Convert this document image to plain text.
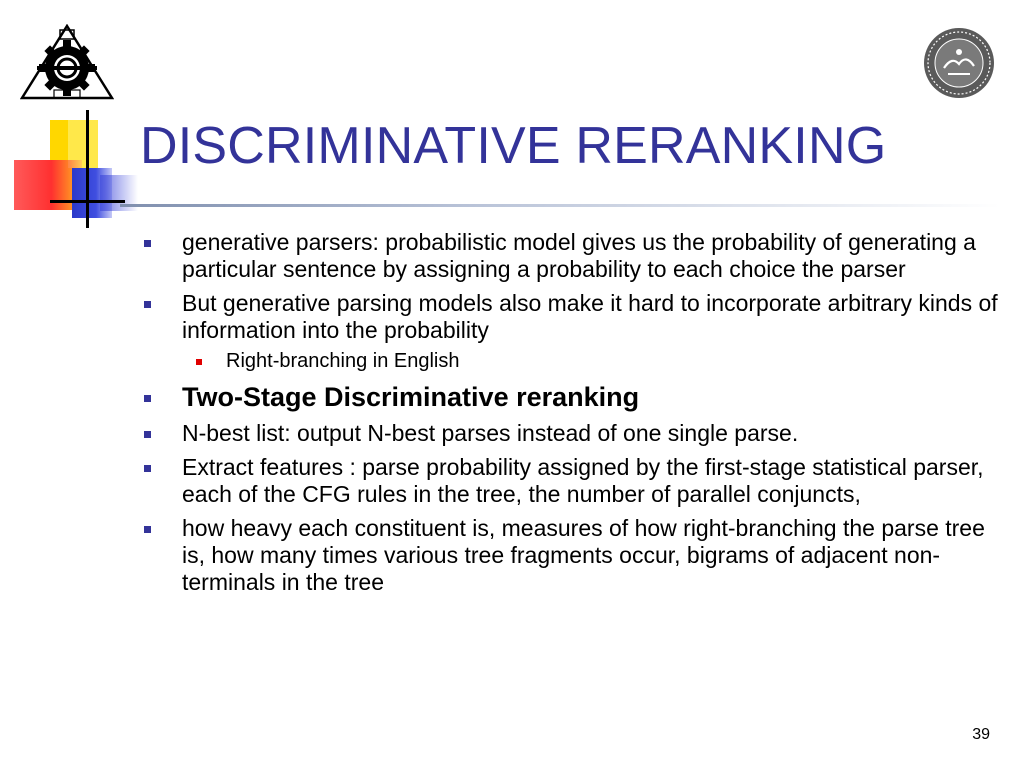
DISCRIMINATIVE RERANKING
generative parsers: probabilistic model gives us the probability of generating a particular sentence by assigning a probability to each choice the parser
But generative parsing models also make it hard to incorporate arbitrary kinds of information into the probability
Right-branching in English
Two-Stage Discriminative reranking
N-best list: output N-best parses instead of one single parse.
Extract features : parse probability assigned by the first-stage statistical parser, each of the CFG rules in the tree, the number of parallel conjuncts,
how heavy each constituent is, measures of how right-branching the parse tree is, how many times various tree fragments occur, bigrams of adjacent non-terminals in the tree
39
